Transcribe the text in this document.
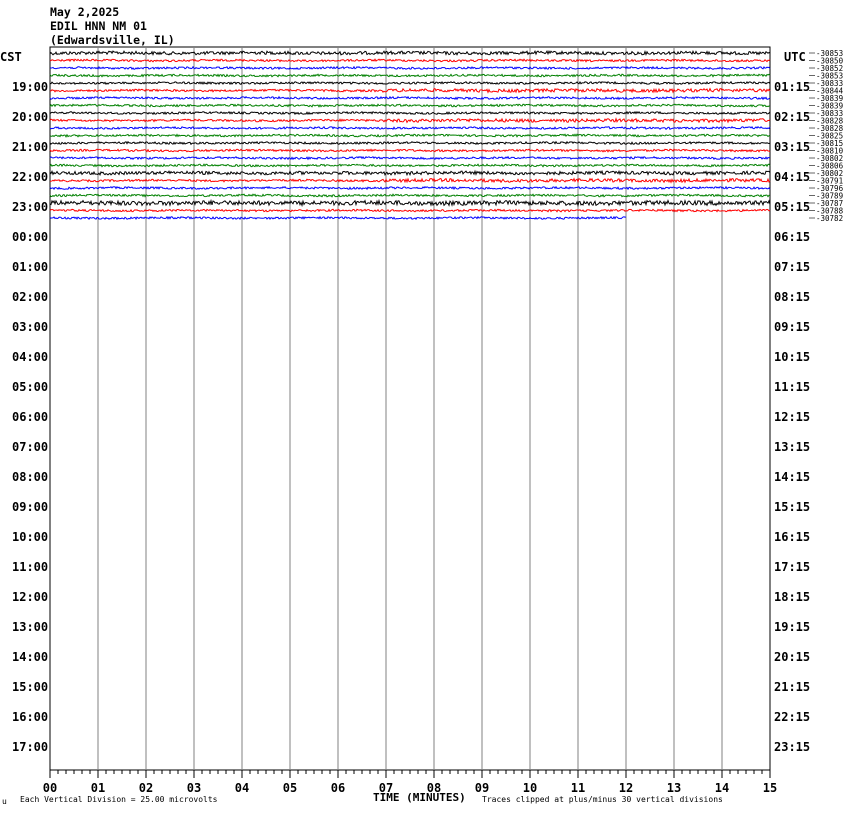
-30853
-30850
-30852
-30853
-30833
-30844
-30839
-30839
-30833
-30828
-30828
-30825
-30815
-30810
-30802
-30806
-30802
-30791
-30796
-30789
-30787
-30788
-30782
00	01	02	03	04	05	06	07	08	09	10	11	12	13	14	15
May 2,2025
EDIL HNN NM 01
(Edwardsville, IL)
CST	UTC
19:00
20:00
21:00
22:00
23:00
00:00
01:00
02:00
03:00
04:00
05:00
06:00
07:00
08:00
09:00
10:00
11:00
12:00
13:00
14:00
15:00
16:00
17:00
01:15
02:15
03:15
04:15
05:15
06:15
07:15
08:15
09:15
10:15
11:15
12:15
13:15
14:15
15:15
16:15
17:15
18:15
19:15
20:15
21:15
22:15
23:15
u Each Vertical Division = 25.00 microvolts	TIME (MINUTES) Traces clipped at plus/minus 30 vertical divisions
